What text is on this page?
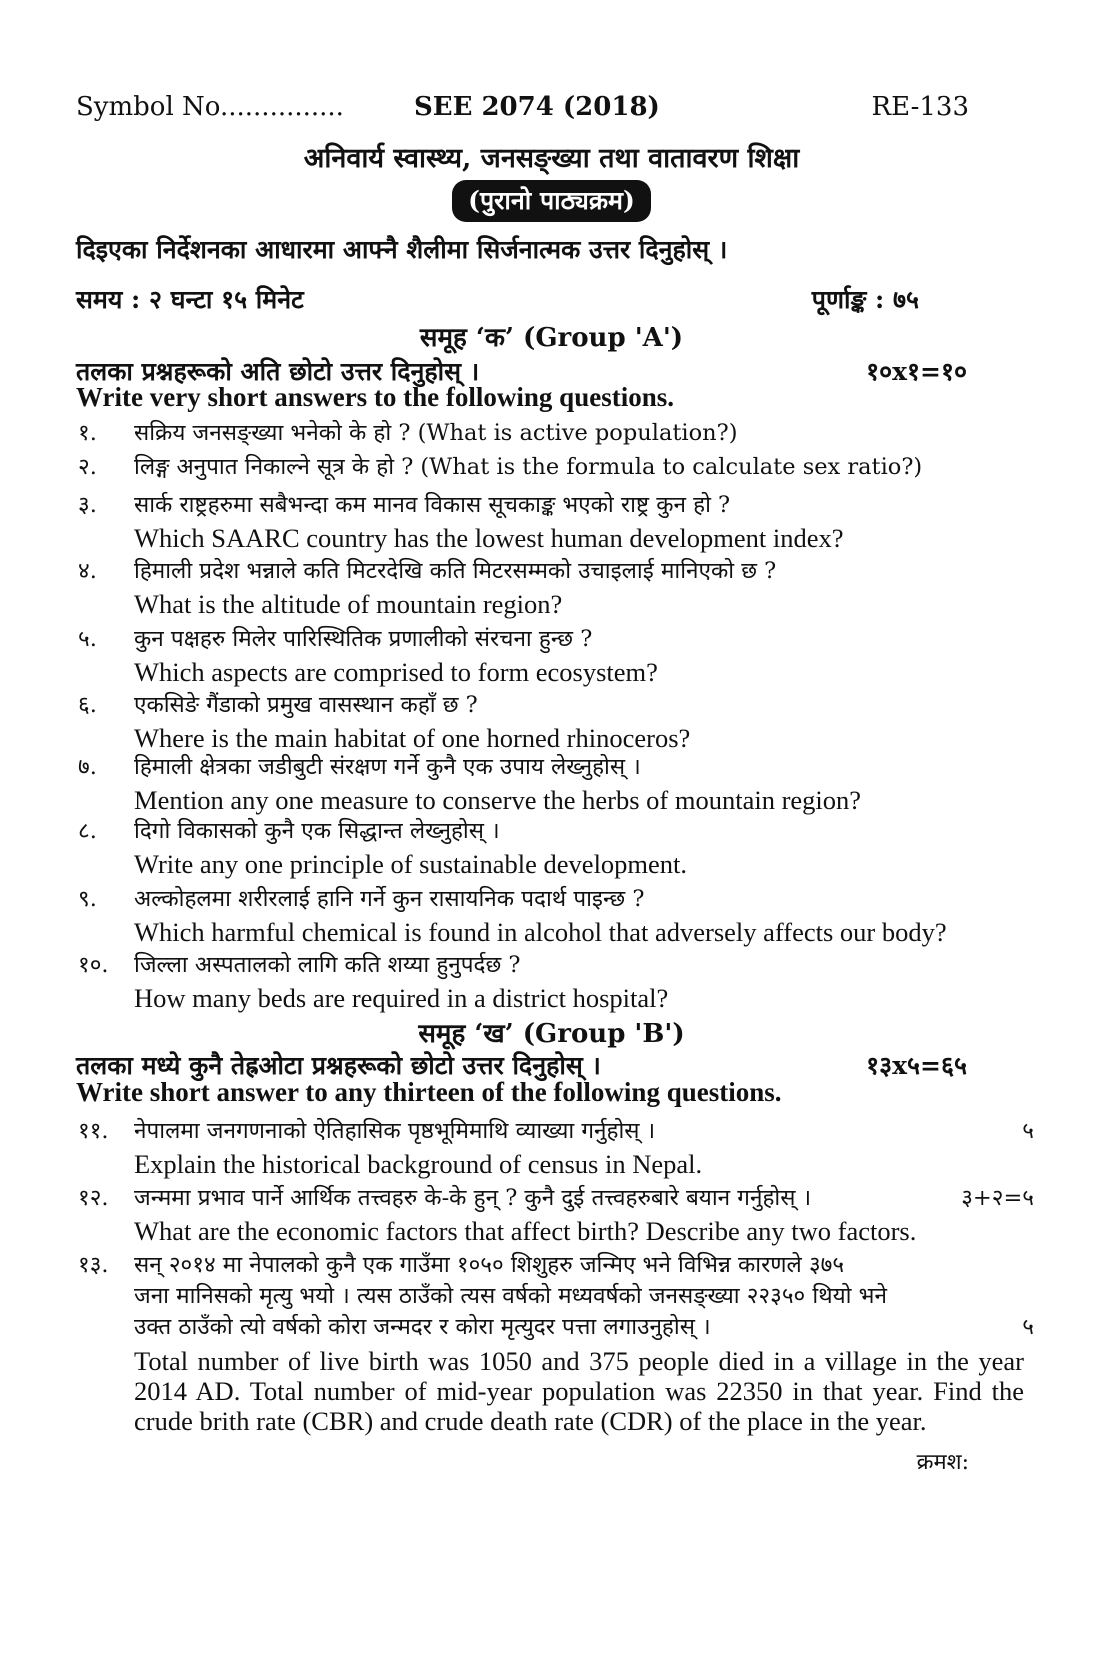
Symbol No...............	SEE 2074 (2018)	RE-133
अनिवार्य स्वास्थ्य, जनसङ्ख्या तथा वातावरण शिक्षा
(पुरानो पाठ्यक्रम)
दिइएका निर्देशनका आधारमा आफ्नै शैलीमा सिर्जनात्मक उत्तर दिनुहोस् ।
समय : २ घन्टा १५ मिनेट	पूर्णाङ्क : ७५
समूह ‘क’ (Group 'A')
तलका प्रश्नहरूको अति छोटो उत्तर दिनुहोस् ।	१०x१=१०
Write very short answers to the following questions.
१.	सक्रिय जनसङ्ख्या भनेको के हो ? (What is active population?)
२.	लिङ्ग अनुपात निकाल्ने सूत्र के हो ? (What is the formula to calculate sex ratio?)
३.	सार्क राष्ट्रहरुमा सबैभन्दा कम मानव विकास सूचकाङ्क भएको राष्ट्र कुन हो ?
Which SAARC country has the lowest human development index?
४.	हिमाली प्रदेश भन्नाले कति मिटरदेखि कति मिटरसम्मको उचाइलाई मानिएको छ ?
What is the altitude of mountain region?
५.	कुन पक्षहरु मिलेर पारिस्थितिक प्रणालीको संरचना हुन्छ ?
Which aspects are comprised to form ecosystem?
६.	एकसिङे गैंडाको प्रमुख वासस्थान कहाँ छ ?
Where is the main habitat of one horned rhinoceros?
७.	हिमाली क्षेत्रका जडीबुटी संरक्षण गर्ने कुनै एक उपाय लेख्नुहोस् ।
Mention any one measure to conserve the herbs of mountain region?
८.	दिगो विकासको कुनै एक सिद्धान्त लेख्नुहोस् ।
Write any one principle of sustainable development.
९.	अल्कोहलमा शरीरलाई हानि गर्ने कुन रासायनिक पदार्थ पाइन्छ ?
Which harmful chemical is found in alcohol that adversely affects our body?
१०.	जिल्ला अस्पतालको लागि कति शय्या हुनुपर्दछ ?
How many beds are required in a district hospital?
समूह ‘ख’ (Group 'B')
तलका मध्ये कुनै तेह्रओटा प्रश्नहरूको छोटो उत्तर दिनुहोस् ।	१३x५=६५
Write short answer to any thirteen of the following questions.
११.	नेपालमा जनगणनाको ऐतिहासिक पृष्ठभूमिमाथि व्याख्या गर्नुहोस् ।
Explain the historical background of census in Nepal.
५
१२.	जन्ममा प्रभाव पार्ने आर्थिक तत्त्वहरु के-के हुन् ? कुनै दुई तत्त्वहरुबारे बयान गर्नुहोस् ।
What are the economic factors that affect birth? Describe any two factors.
३+२=५
१३.	सन् २०१४ मा नेपालको कुनै एक गाउँमा १०५० शिशुहरु जन्मिए भने विभिन्न कारणले ३७५
जना मानिसको मृत्यु भयो । त्यस ठाउँको त्यस वर्षको मध्यवर्षको जनसङ्ख्या २२३५० थियो भने
उक्त ठाउँको त्यो वर्षको कोरा जन्मदर र कोरा मृत्युदर पत्ता लगाउनुहोस् ।
Total number of live birth was 1050 and 375 people died in a village in the year 2014 AD. Total number of mid-year population was 22350 in that year. Find the crude brith rate (CBR) and crude death rate (CDR) of the place in the year.
५
क्रमश:
